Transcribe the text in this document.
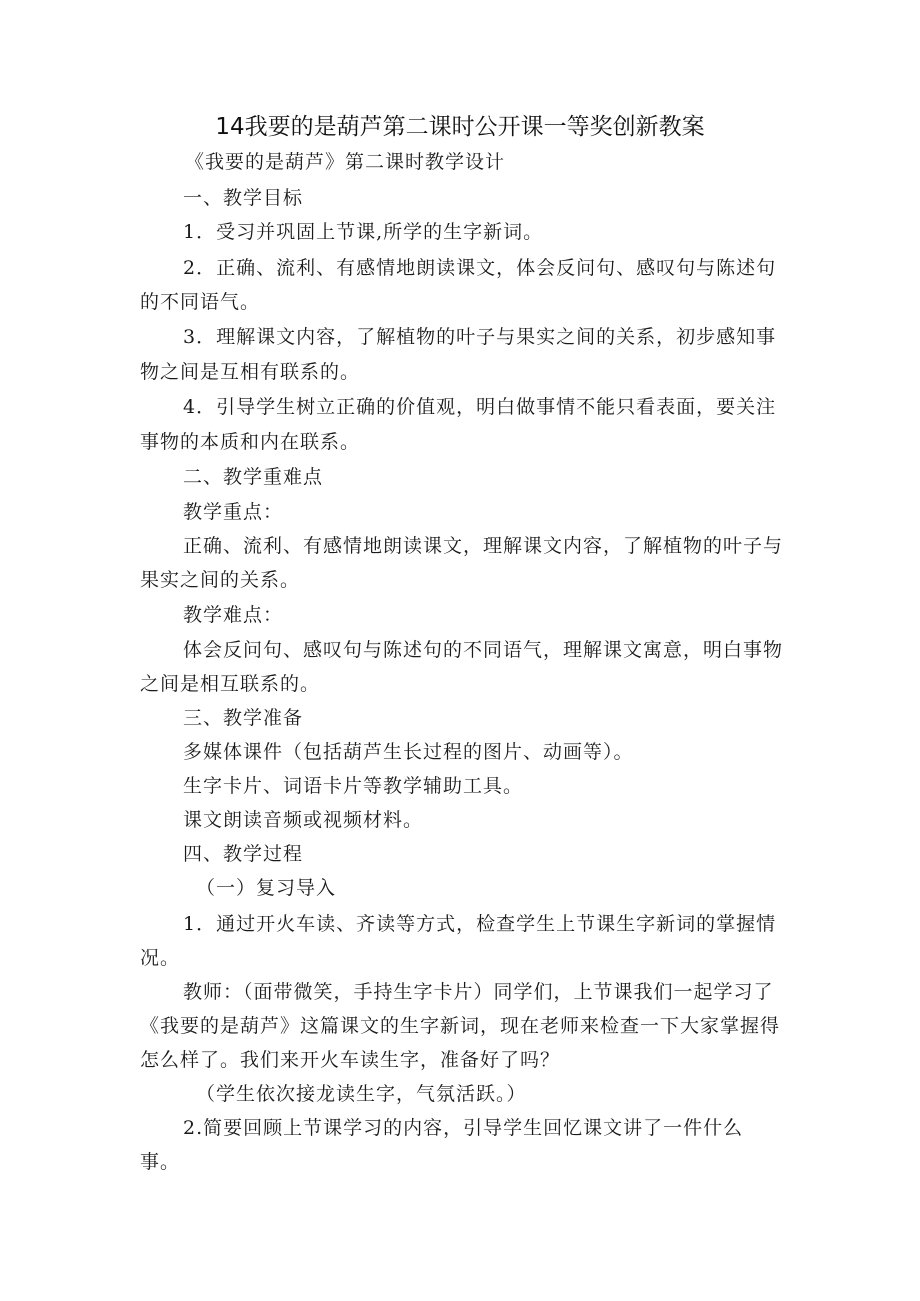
14我要的是葫芦第二课时公开课一等奖创新教案
《我要的是葫芦》第二课时教学设计
一、教学目标
1．受习并巩固上节课,所学的生字新词。
2．正确、流利、有感情地朗读课文，体会反问句、感叹句与陈述句
的不同语气。
3．理解课文内容，了解植物的叶子与果实之间的关系，初步感知事
物之间是互相有联系的。
4．引导学生树立正确的价值观，明白做事情不能只看表面，要关注
事物的本质和内在联系。
二、教学重难点
教学重点：
正确、流利、有感情地朗读课文，理解课文内容，了解植物的叶子与
果实之间的关系。
教学难点：
体会反问句、感叹句与陈述句的不同语气，理解课文寓意，明白事物
之间是相互联系的。
三、教学准备
多媒体课件（包括葫芦生长过程的图片、动画等）。
生字卡片、词语卡片等教学辅助工具。
课文朗读音频或视频材料。
四、教学过程
（一）复习导入
1．通过开火车读、齐读等方式，检查学生上节课生字新词的掌握情
况。
教师：（面带微笑，手持生字卡片）同学们，上节课我们一起学习了
《我要的是葫芦》这篇课文的生字新词，现在老师来检查一下大家掌握得
怎么样了。我们来开火车读生字，准备好了吗？
（学生依次接龙读生字，气氛活跃。）
2.简要回顾上节课学习的内容，引导学生回忆课文讲了一件什么
事。
